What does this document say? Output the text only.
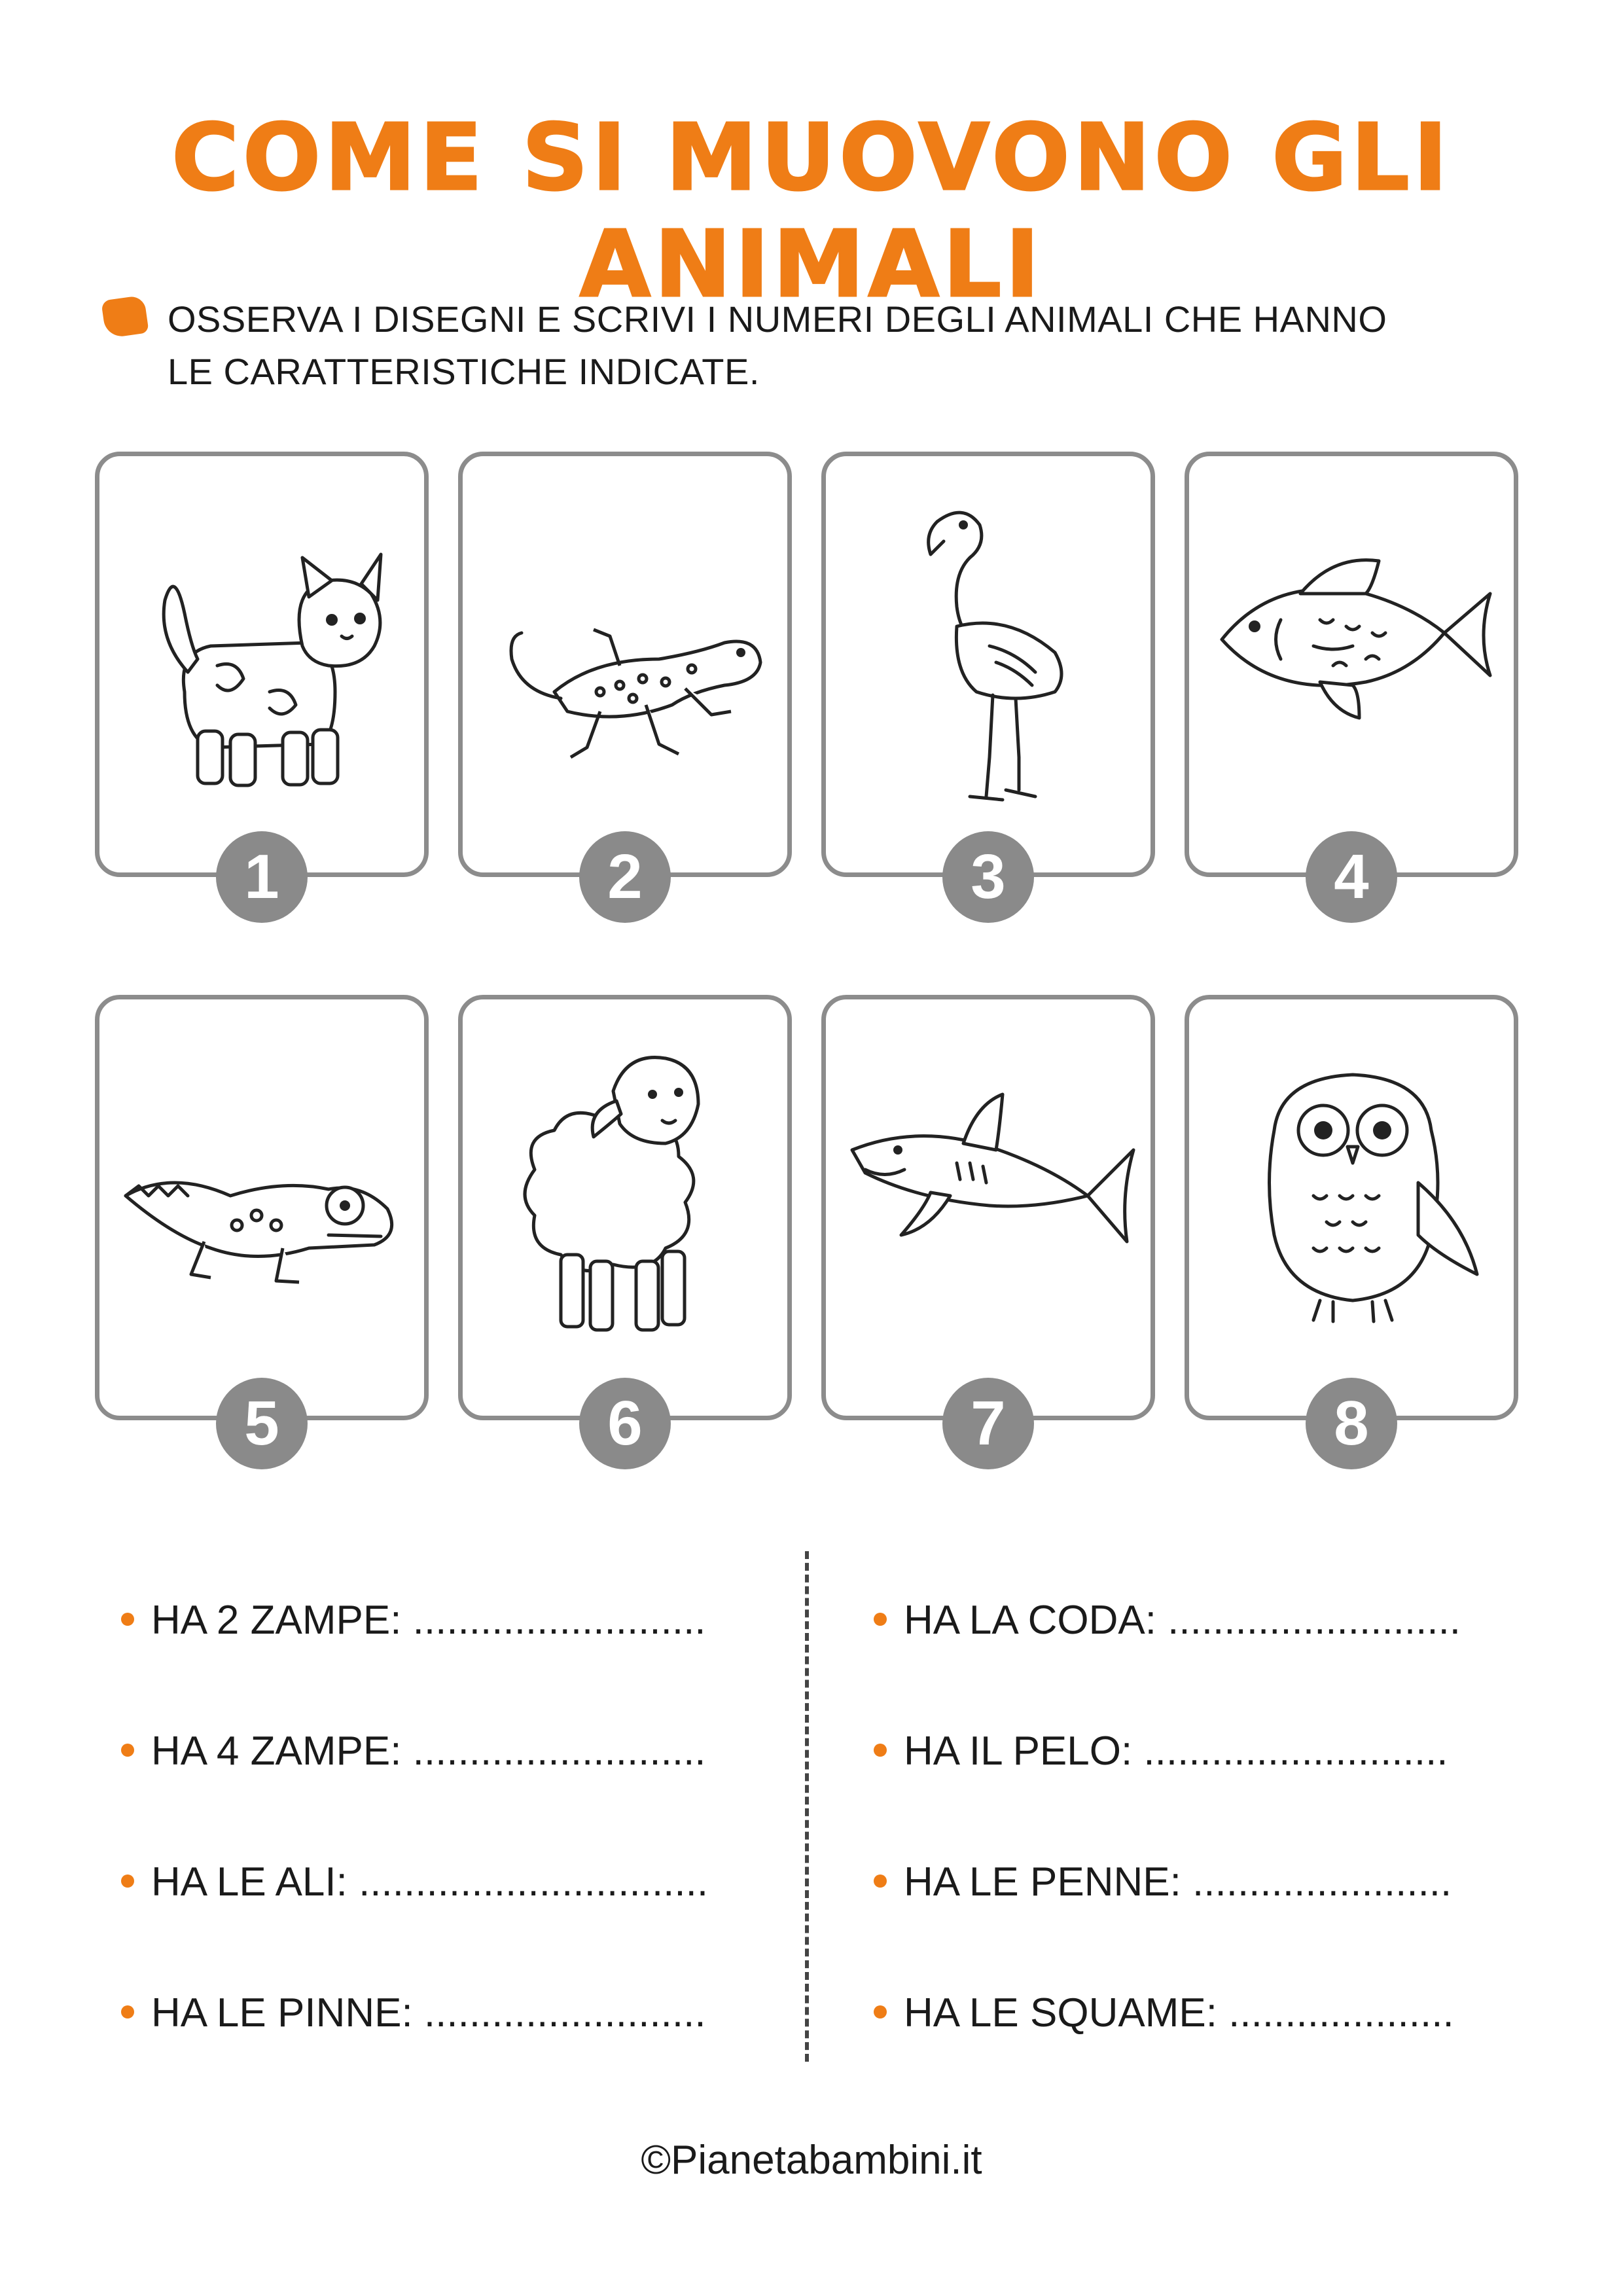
COME SI MUOVONO GLI ANIMALI
OSSERVA I DISEGNI E SCRIVI I NUMERI DEGLI ANIMALI CHE HANNO
LE CARATTERISTICHE INDICATE.
1	2	3	4
5	6	7	8
HA 2 ZAMPE: ..........................
HA 4 ZAMPE: ..........................
HA LE ALI: ...............................
HA LE PINNE: .........................
HA LA CODA: ..........................
HA IL PELO: ...........................
HA LE PENNE: .......................
HA LE SQUAME: ....................
©Pianetabambini.it
